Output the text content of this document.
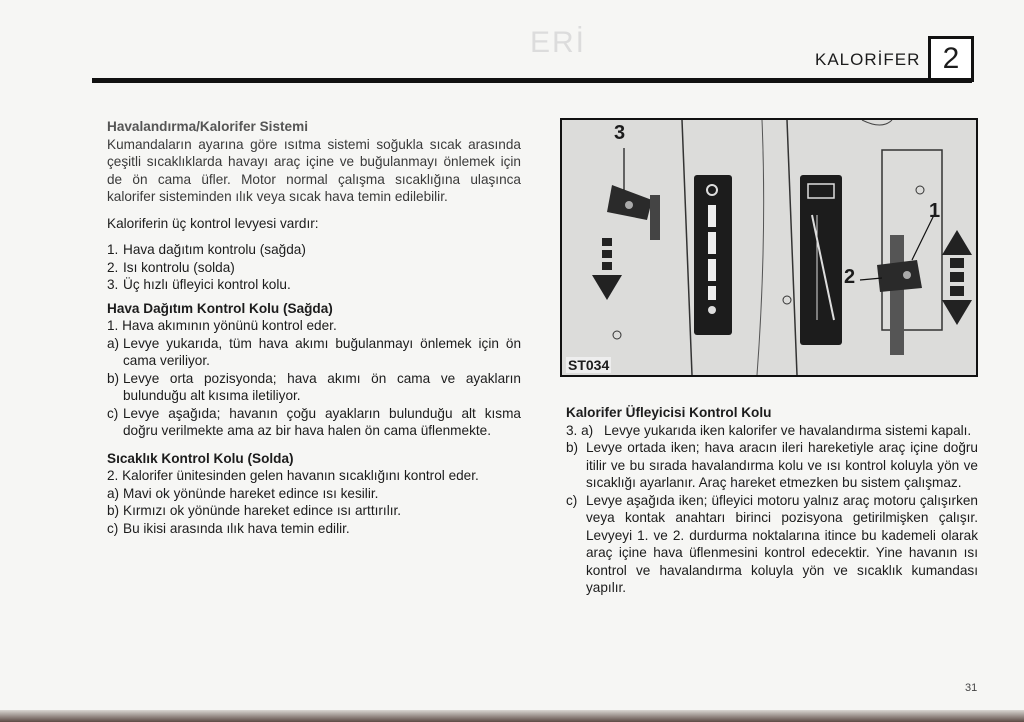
ERİ
KALORİFER 2

Havalandırma/Kalorifer Sistemi

Kumandaların ayarına göre ısıtma sistemi soğukla sıcak arasında çeşitli sıcaklıklarda havayı araç içine ve buğulanmayı önlemek için de ön cama üfler. Motor normal çalışma sıcaklığına ulaşınca kalorifer sisteminden ılık veya sıcak hava temin edilebilir.

Kaloriferin üç kontrol levyesi vardır:

1. Hava dağıtım kontrolu (sağda)
2. Isı kontrolu (solda)
3. Üç hızlı üfleyici kontrol kolu.

Hava Dağıtım Kontrol Kolu (Sağda)

1. Hava akımının yönünü kontrol eder.

a) Levye yukarıda, tüm hava akımı buğulanmayı önlemek için ön cama veriliyor.
b) Levye orta pozisyonda; hava akımı ön cama ve ayakların bulunduğu alt kısıma iletiliyor.
c) Levye aşağıda; havanın çoğu ayakların bulunduğu alt kısma doğru verilmekte ama az bir hava halen ön cama üflenmekte.

Sıcaklık Kontrol Kolu (Solda)

2. Kalorifer ünitesinden gelen havanın sıcaklığını kontrol eder.

a) Mavi ok yönünde hareket edince ısı kesilir.
b) Kırmızı ok yönünde hareket edince ısı arttırılır.
c) Bu ikisi arasında ılık hava temin edilir.
3
1
2
ST034

Kalorifer Üfleyicisi Kontrol Kolu

3. a) Levye yukarıda iken kalorifer ve havalandırma sistemi kapalı.
b) Levye ortada iken; hava aracın ileri hareketiyle araç içine doğru itilir ve bu sırada havalandırma kolu ve ısı kontrol koluyla yön ve sıcaklığı ayarlanır. Araç hareket etmezken bu sistem çalışmaz.
c) Levye aşağıda iken; üfleyici motoru yalnız araç motoru çalışırken veya kontak anahtarı birinci pozisyona getirilmişken çalışır. Levyeyi 1. ve 2. durdurma noktalarına itince bu kademeli olarak araç içine hava üflenmesini kontrol edecektir. Yine havanın ısı kontrol ve havalandırma koluyla yön ve sıcaklık kumandası yapılır.
31
